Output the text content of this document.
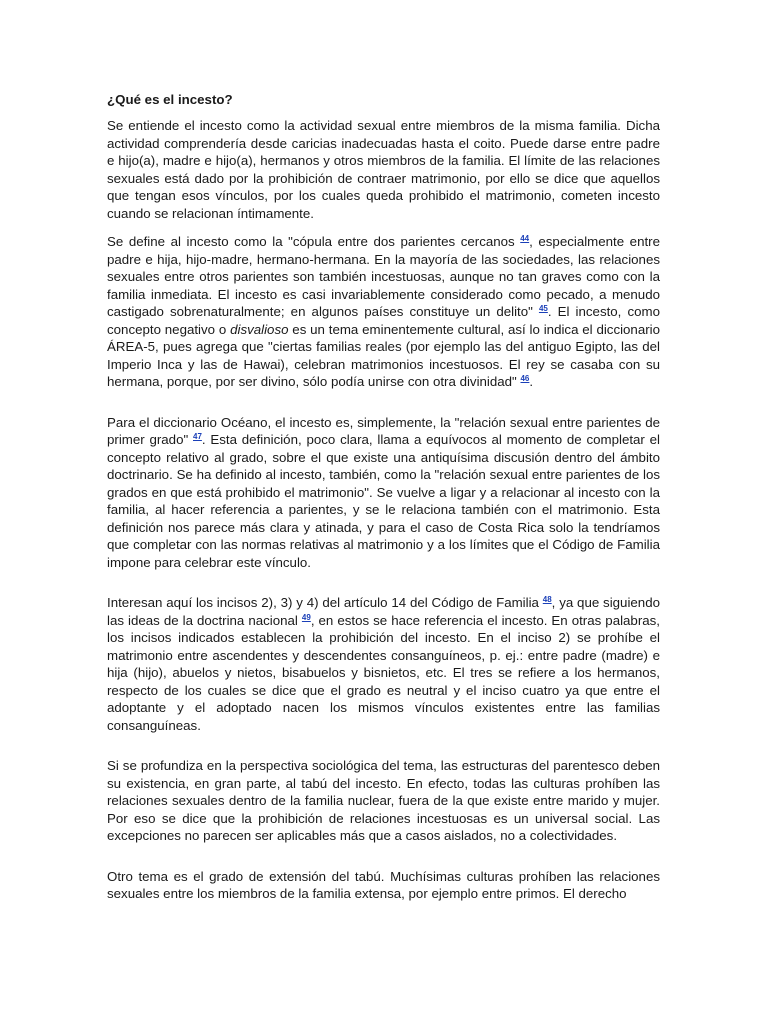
¿Qué es el incesto?

Se entiende el incesto como la actividad sexual entre miembros de la misma familia. Dicha actividad comprendería desde caricias inadecuadas hasta el coito. Puede darse entre padre e hijo(a), madre e hijo(a), hermanos y otros miembros de la familia. El límite de las relaciones sexuales está dado por la prohibición de contraer matrimonio, por ello se dice que aquellos que tengan esos vínculos, por los cuales queda prohibido el matrimonio, cometen incesto cuando se relacionan íntimamente.

Se define al incesto como la "cópula entre dos parientes cercanos $^{44}$, especialmente entre padre e hija, hijo-madre, hermano-hermana. En la mayoría de las sociedades, las relaciones sexuales entre otros parientes son también incestuosas, aunque no tan graves como con la familia inmediata. El incesto es casi invariablemente considerado como pecado, a menudo castigado sobrenaturalmente; en algunos países constituye un delito" $^{45}$. El incesto, como concepto negativo o disvalioso es un tema eminentemente cultural, así lo indica el diccionario ÁREA-5, pues agrega que "ciertas familias reales (por ejemplo las del antiguo Egipto, las del Imperio Inca y las de Hawai), celebran matrimonios incestuosos. El rey se casaba con su hermana, porque, por ser divino, sólo podía unirse con otra divinidad" $^{46}$.

Para el diccionario Océano, el incesto es, simplemente, la "relación sexual entre parientes de primer grado" $^{47}$. Esta definición, poco clara, llama a equívocos al momento de completar el concepto relativo al grado, sobre el que existe una antiquísima discusión dentro del ámbito doctrinario. Se ha definido al incesto, también, como la "relación sexual entre parientes de los grados en que está prohibido el matrimonio". Se vuelve a ligar y a relacionar al incesto con la familia, al hacer referencia a parientes, y se le relaciona también con el matrimonio. Esta definición nos parece más clara y atinada, y para el caso de Costa Rica solo la tendríamos que completar con las normas relativas al matrimonio y a los límites que el Código de Familia impone para celebrar este vínculo.

Interesan aquí los incisos 2), 3) y 4) del artículo 14 del Código de Familia $^{48}$, ya que siguiendo las ideas de la doctrina nacional $^{49}$, en estos se hace referencia el incesto. En otras palabras, los incisos indicados establecen la prohibición del incesto. En el inciso 2) se prohíbe el matrimonio entre ascendentes y descendentes consanguíneos, p. ej.: entre padre (madre) e hija (hijo), abuelos y nietos, bisabuelos y bisnietos, etc. El tres se refiere a los hermanos, respecto de los cuales se dice que el grado es neutral y el inciso cuatro ya que entre el adoptante y el adoptado nacen los mismos vínculos existentes entre las familias consanguíneas.

Si se profundiza en la perspectiva sociológica del tema, las estructuras del parentesco deben su existencia, en gran parte, al tabú del incesto. En efecto, todas las culturas prohíben las relaciones sexuales dentro de la familia nuclear, fuera de la que existe entre marido y mujer. Por eso se dice que la prohibición de relaciones incestuosas es un universal social. Las excepciones no parecen ser aplicables más que a casos aislados, no a colectividades.

Otro tema es el grado de extensión del tabú. Muchísimas culturas prohíben las relaciones sexuales entre los miembros de la familia extensa, por ejemplo entre primos. El derecho
